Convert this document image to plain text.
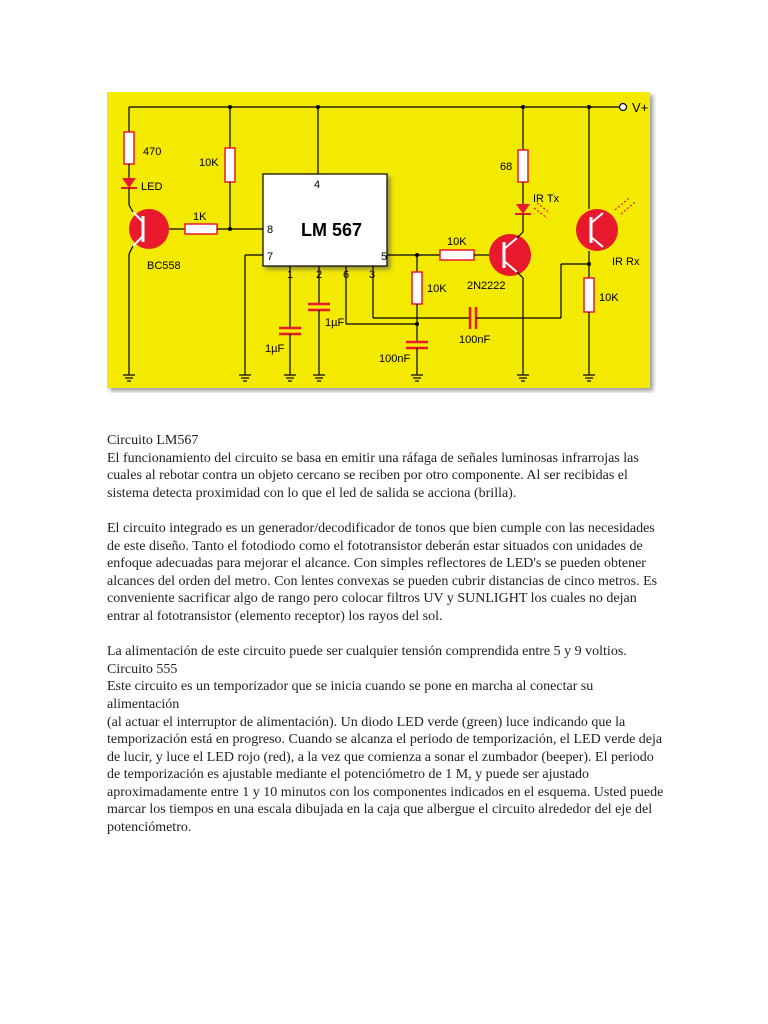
V+
470
LED
BC558
1K
10K
LM 567
4
8
7
1 2 6 3
5
1µF
1µF
100nF
100nF
10K
10K 2N2222
68
IR Tx
IR Rx
10K
Circuito LM567

El funcionamiento del circuito se basa en emitir una ráfaga de señales luminosas infrarrojas las
cuales al rebotar contra un objeto cercano se reciben por otro componente. Al ser recibidas el
sistema detecta proximidad con lo que el led de salida se acciona (brilla).

El circuito integrado es un generador/decodificador de tonos que bien cumple con las necesidades
de este diseño. Tanto el fotodiodo como el fototransistor deberán estar situados con unidades de
enfoque adecuadas para mejorar el alcance. Con simples reflectores de LED's se pueden obtener
alcances del orden del metro. Con lentes convexas se pueden cubrir distancias de cinco metros. Es
conveniente sacrificar algo de rango pero colocar filtros UV y SUNLIGHT los cuales no dejan
entrar al fototransistor (elemento receptor) los rayos del sol.

La alimentación de este circuito puede ser cualquier tensión comprendida entre 5 y 9 voltios.
Circuito 555
Este circuito es un temporizador que se inicia cuando se pone en marcha al conectar su alimentación
(al actuar el interruptor de alimentación). Un diodo LED verde (green) luce indicando que la
temporización está en progreso. Cuando se alcanza el periodo de temporización, el LED verde deja
de lucir, y luce el LED rojo (red), a la vez que comienza a sonar el zumbador (beeper). El periodo
de temporización es ajustable mediante el potenciómetro de 1 M, y puede ser ajustado
aproximadamente entre 1 y 10 minutos con los componentes indicados en el esquema. Usted puede
marcar los tiempos en una escala dibujada en la caja que albergue el circuito alrededor del eje del
potenciómetro.
